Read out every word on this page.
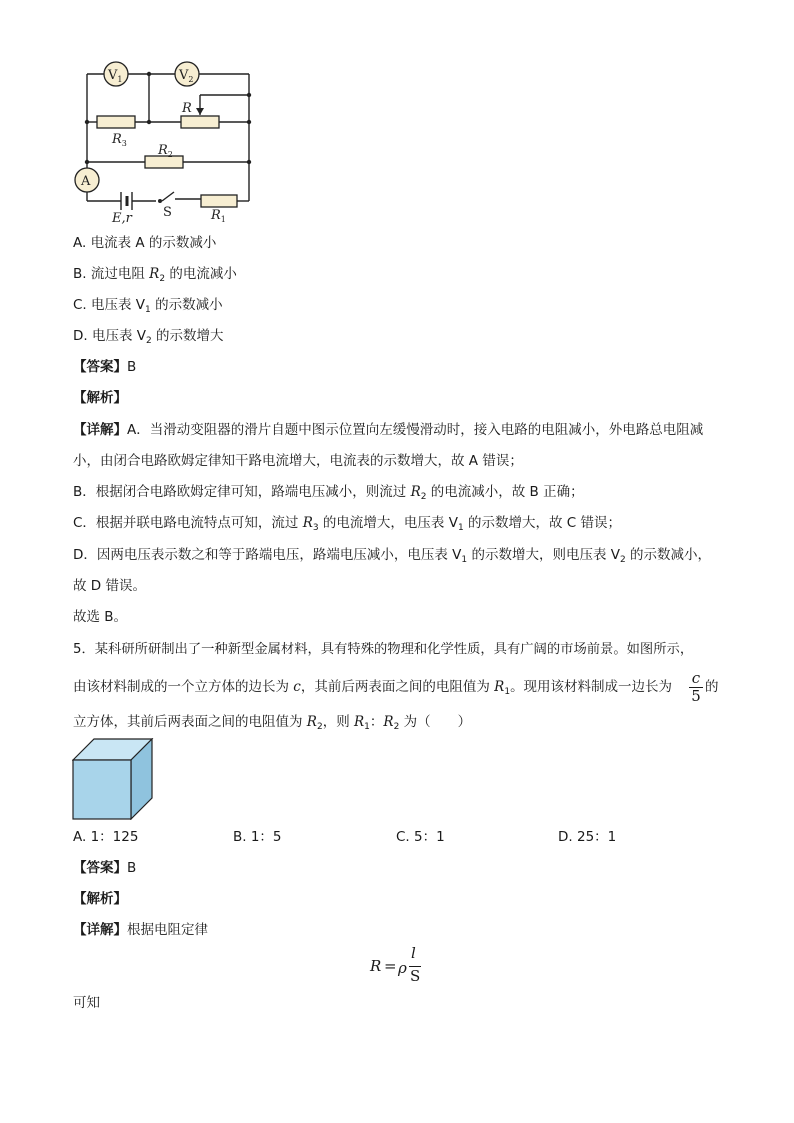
$V_1$	$V_2$
A
R
$R_3$ $R_2$
$R_1$
E,r S
A. 电流表 A 的示数减小
B. 流过电阻 $R_2$ 的电流减小
C. 电压表 $V_1$ 的示数减小
D. 电压表 $V_2$ 的示数增大
【答案】B
【解析】
【详解】A．当滑动变阻器的滑片自题中图示位置向左缓慢滑动时，接入电路的电阻减小，外电路总电阻减
小，由闭合电路欧姆定律知干路电流增大，电流表的示数增大，故 A 错误；
B．根据闭合电路欧姆定律可知，路端电压减小，则流过 $R_2$ 的电流减小，故 B 正确；
C．根据并联电路电流特点可知，流过 $R_3$ 的电流增大，电压表 $V_1$ 的示数增大，故 C 错误；
D．因两电压表示数之和等于路端电压，路端电压减小，电压表 $V_1$ 的示数增大，则电压表 $V_2$ 的示数减小，
故 D 错误。
故选 B。
5．某科研所研制出了一种新型金属材料，具有特殊的物理和化学性质，具有广阔的市场前景。如图所示，
由该材料制成的一个立方体的边长为 c，其前后两表面之间的电阻值为 $R_1$。现用该材料制成一边长为	c
5 的
立方体，其前后两表面之间的电阻值为 $R_2$，则 $R_1$：$R_2$ 为（　　）
A. 1：125	B. 1：5	C. 5：1	D. 25：1
【答案】B
【解析】
【详解】根据电阻定律
R = ρ
l
S
可知
